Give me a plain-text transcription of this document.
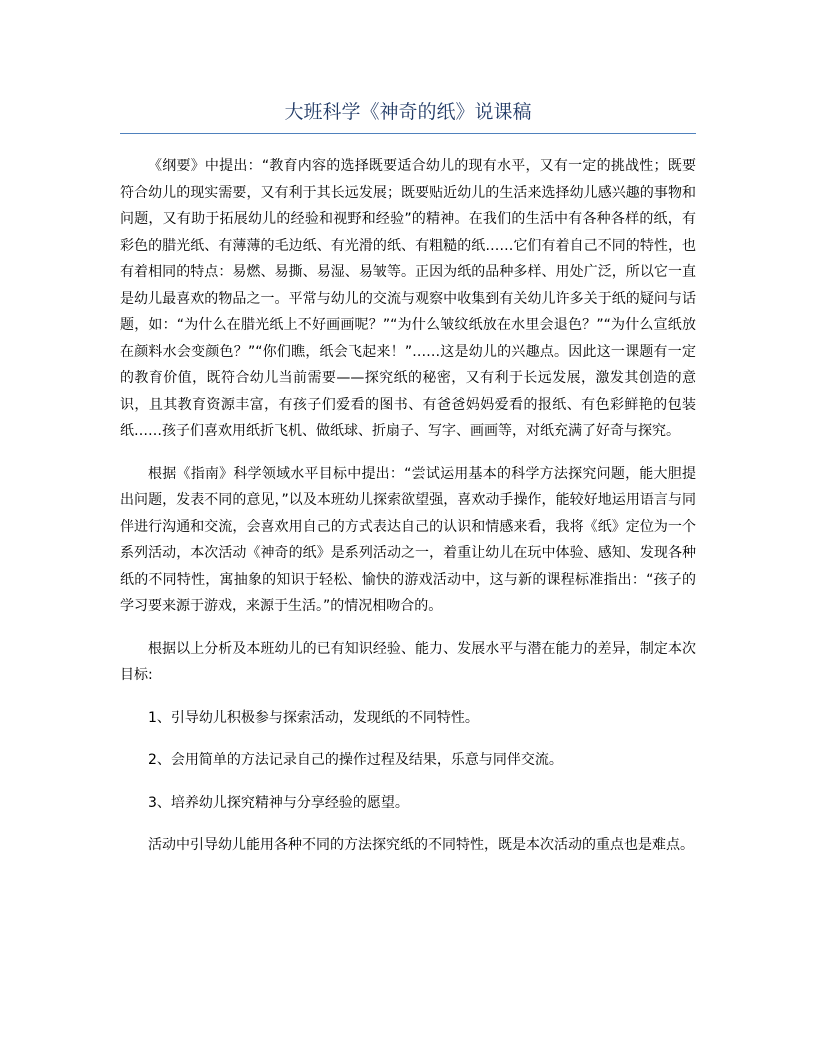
大班科学《神奇的纸》说课稿

《纲要》中提出：“教育内容的选择既要适合幼儿的现有水平，又有一定的挑战性；既要符合幼儿的现实需要，又有利于其长远发展；既要贴近幼儿的生活来选择幼儿感兴趣的事物和问题，又有助于拓展幼儿的经验和视野和经验”的精神。在我们的生活中有各种各样的纸，有彩色的腊光纸、有薄薄的毛边纸、有光滑的纸、有粗糙的纸……它们有着自己不同的特性，也有着相同的特点：易燃、易撕、易湿、易皱等。正因为纸的品种多样、用处广泛，所以它一直是幼儿最喜欢的物品之一。平常与幼儿的交流与观察中收集到有关幼儿许多关于纸的疑问与话题，如：“为什么在腊光纸上不好画画呢？”“为什么皱纹纸放在水里会退色？”“为什么宣纸放在颜料水会变颜色？”“你们瞧，纸会飞起来！”……这是幼儿的兴趣点。因此这一课题有一定的教育价值，既符合幼儿当前需要——探究纸的秘密，又有利于长远发展，激发其创造的意识，且其教育资源丰富，有孩子们爱看的图书、有爸爸妈妈爱看的报纸、有色彩鲜艳的包装纸……孩子们喜欢用纸折飞机、做纸球、折扇子、写字、画画等，对纸充满了好奇与探究。

根据《指南》科学领域水平目标中提出：“尝试运用基本的科学方法探究问题，能大胆提出问题，发表不同的意见，”以及本班幼儿探索欲望强，喜欢动手操作，能较好地运用语言与同伴进行沟通和交流，会喜欢用自己的方式表达自己的认识和情感来看，我将《纸》定位为一个系列活动，本次活动《神奇的纸》是系列活动之一，着重让幼儿在玩中体验、感知、发现各种纸的不同特性，寓抽象的知识于轻松、愉快的游戏活动中，这与新的课程标准指出：“孩子的学习要来源于游戏，来源于生活。”的情况相吻合的。

根据以上分析及本班幼儿的已有知识经验、能力、发展水平与潜在能力的差异，制定本次目标:

1、引导幼儿积极参与探索活动，发现纸的不同特性。

2、会用简单的方法记录自己的操作过程及结果，乐意与同伴交流。

3、培养幼儿探究精神与分享经验的愿望。

活动中引导幼儿能用各种不同的方法探究纸的不同特性，既是本次活动的重点也是难点。
